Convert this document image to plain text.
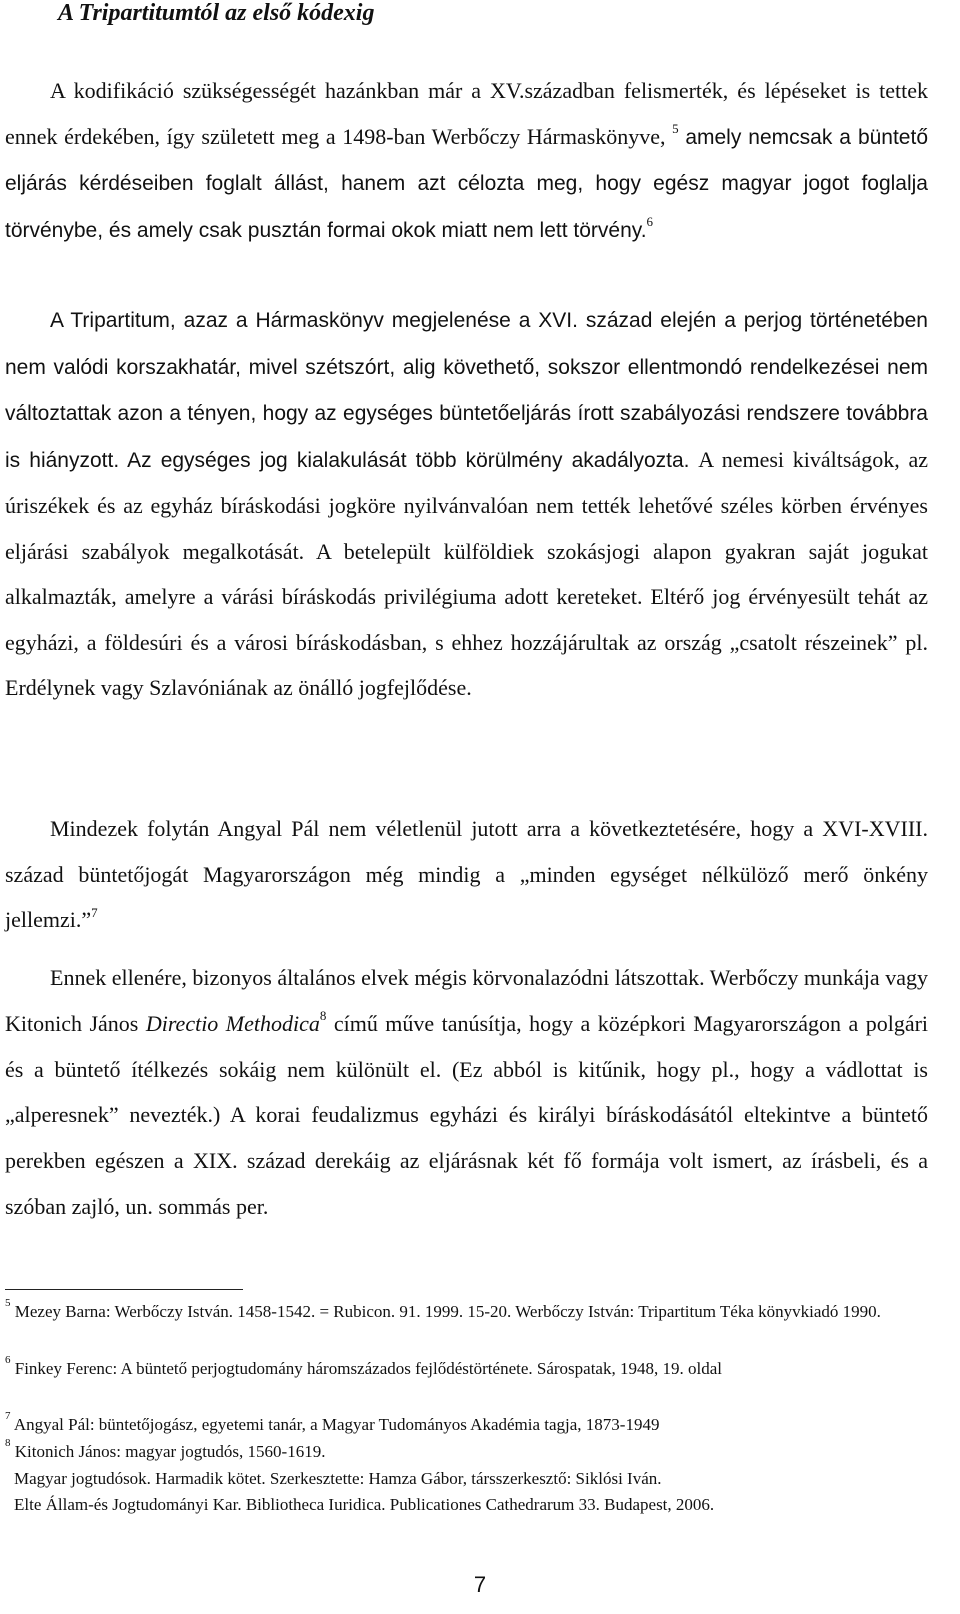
A Tripartitumtól az első kódexig

A kodifikáció szükségességét hazánkban már a XV.században felismerték, és lépéseket is tettek ennek érdekében, így született meg a 1498-ban Werbőczy Hármaskönyve, $^5$ amely nemcsak a büntető eljárás kérdéseiben foglalt állást, hanem azt célozta meg, hogy egész magyar jogot foglalja törvénybe, és amely csak pusztán formai okok miatt nem lett törvény.$^6$

A Tripartitum, azaz a Hármaskönyv megjelenése a XVI. század elején a perjog történetében nem valódi korszakhatár, mivel szétszórt, alig követhető, sokszor ellentmondó rendelkezései nem változtattak azon a tényen, hogy az egységes büntetőeljárás írott szabályozási rendszere továbbra is hiányzott. Az egységes jog kialakulását több körülmény akadályozta. A nemesi kiváltságok, az úriszékek és az egyház bíráskodási jogköre nyilvánvalóan nem tették lehetővé széles körben érvényes eljárási szabályok megalkotását. A betelepült külföldiek szokásjogi alapon gyakran saját jogukat alkalmazták, amelyre a várási bíráskodás privilégiuma adott kereteket. Eltérő jog érvényesült tehát az egyházi, a földesúri és a városi bíráskodásban, s ehhez hozzájárultak az ország „csatolt részeinek” pl. Erdélynek vagy Szlavóniának az önálló jogfejlődése.

Mindezek folytán Angyal Pál nem véletlenül jutott arra a következtetésére, hogy a XVI-XVIII. század büntetőjogát Magyarországon még mindig a „minden egységet nélkülöző merő önkény jellemzi.”$^7$

Ennek ellenére, bizonyos általános elvek mégis körvonalazódni látszottak. Werbőczy munkája vagy Kitonich János Directio Methodica$^8$ című műve tanúsítja, hogy a középkori Magyarországon a polgári és a büntető ítélkezés sokáig nem különült el. (Ez abból is kitűnik, hogy pl., hogy a vádlottat is „alperesnek” nevezték.) A korai feudalizmus egyházi és királyi bíráskodásától eltekintve a büntető perekben egészen a XIX. század derekáig az eljárásnak két fő formája volt ismert, az írásbeli, és a szóban zajló, un. sommás per.

$^5$ Mezey Barna: Werbőczy István. 1458-1542. = Rubicon. 91. 1999. 15-20. Werbőczy István: Tripartitum Téka könyvkiadó 1990.

$^6$ Finkey Ferenc: A büntető perjogtudomány háromszázados fejlődéstörténete. Sárospatak, 1948, 19. oldal

$^7$ Angyal Pál: büntetőjogász, egyetemi tanár, a Magyar Tudományos Akadémia tagja, 1873-1949

$^8$ Kitonich János: magyar jogtudós, 1560-1619.

Magyar jogtudósok. Harmadik kötet. Szerkesztette: Hamza Gábor, társszerkesztő: Siklósi Iván.

Elte Állam-és Jogtudományi Kar. Bibliotheca Iuridica. Publicationes Cathedrarum 33. Budapest, 2006.

7
